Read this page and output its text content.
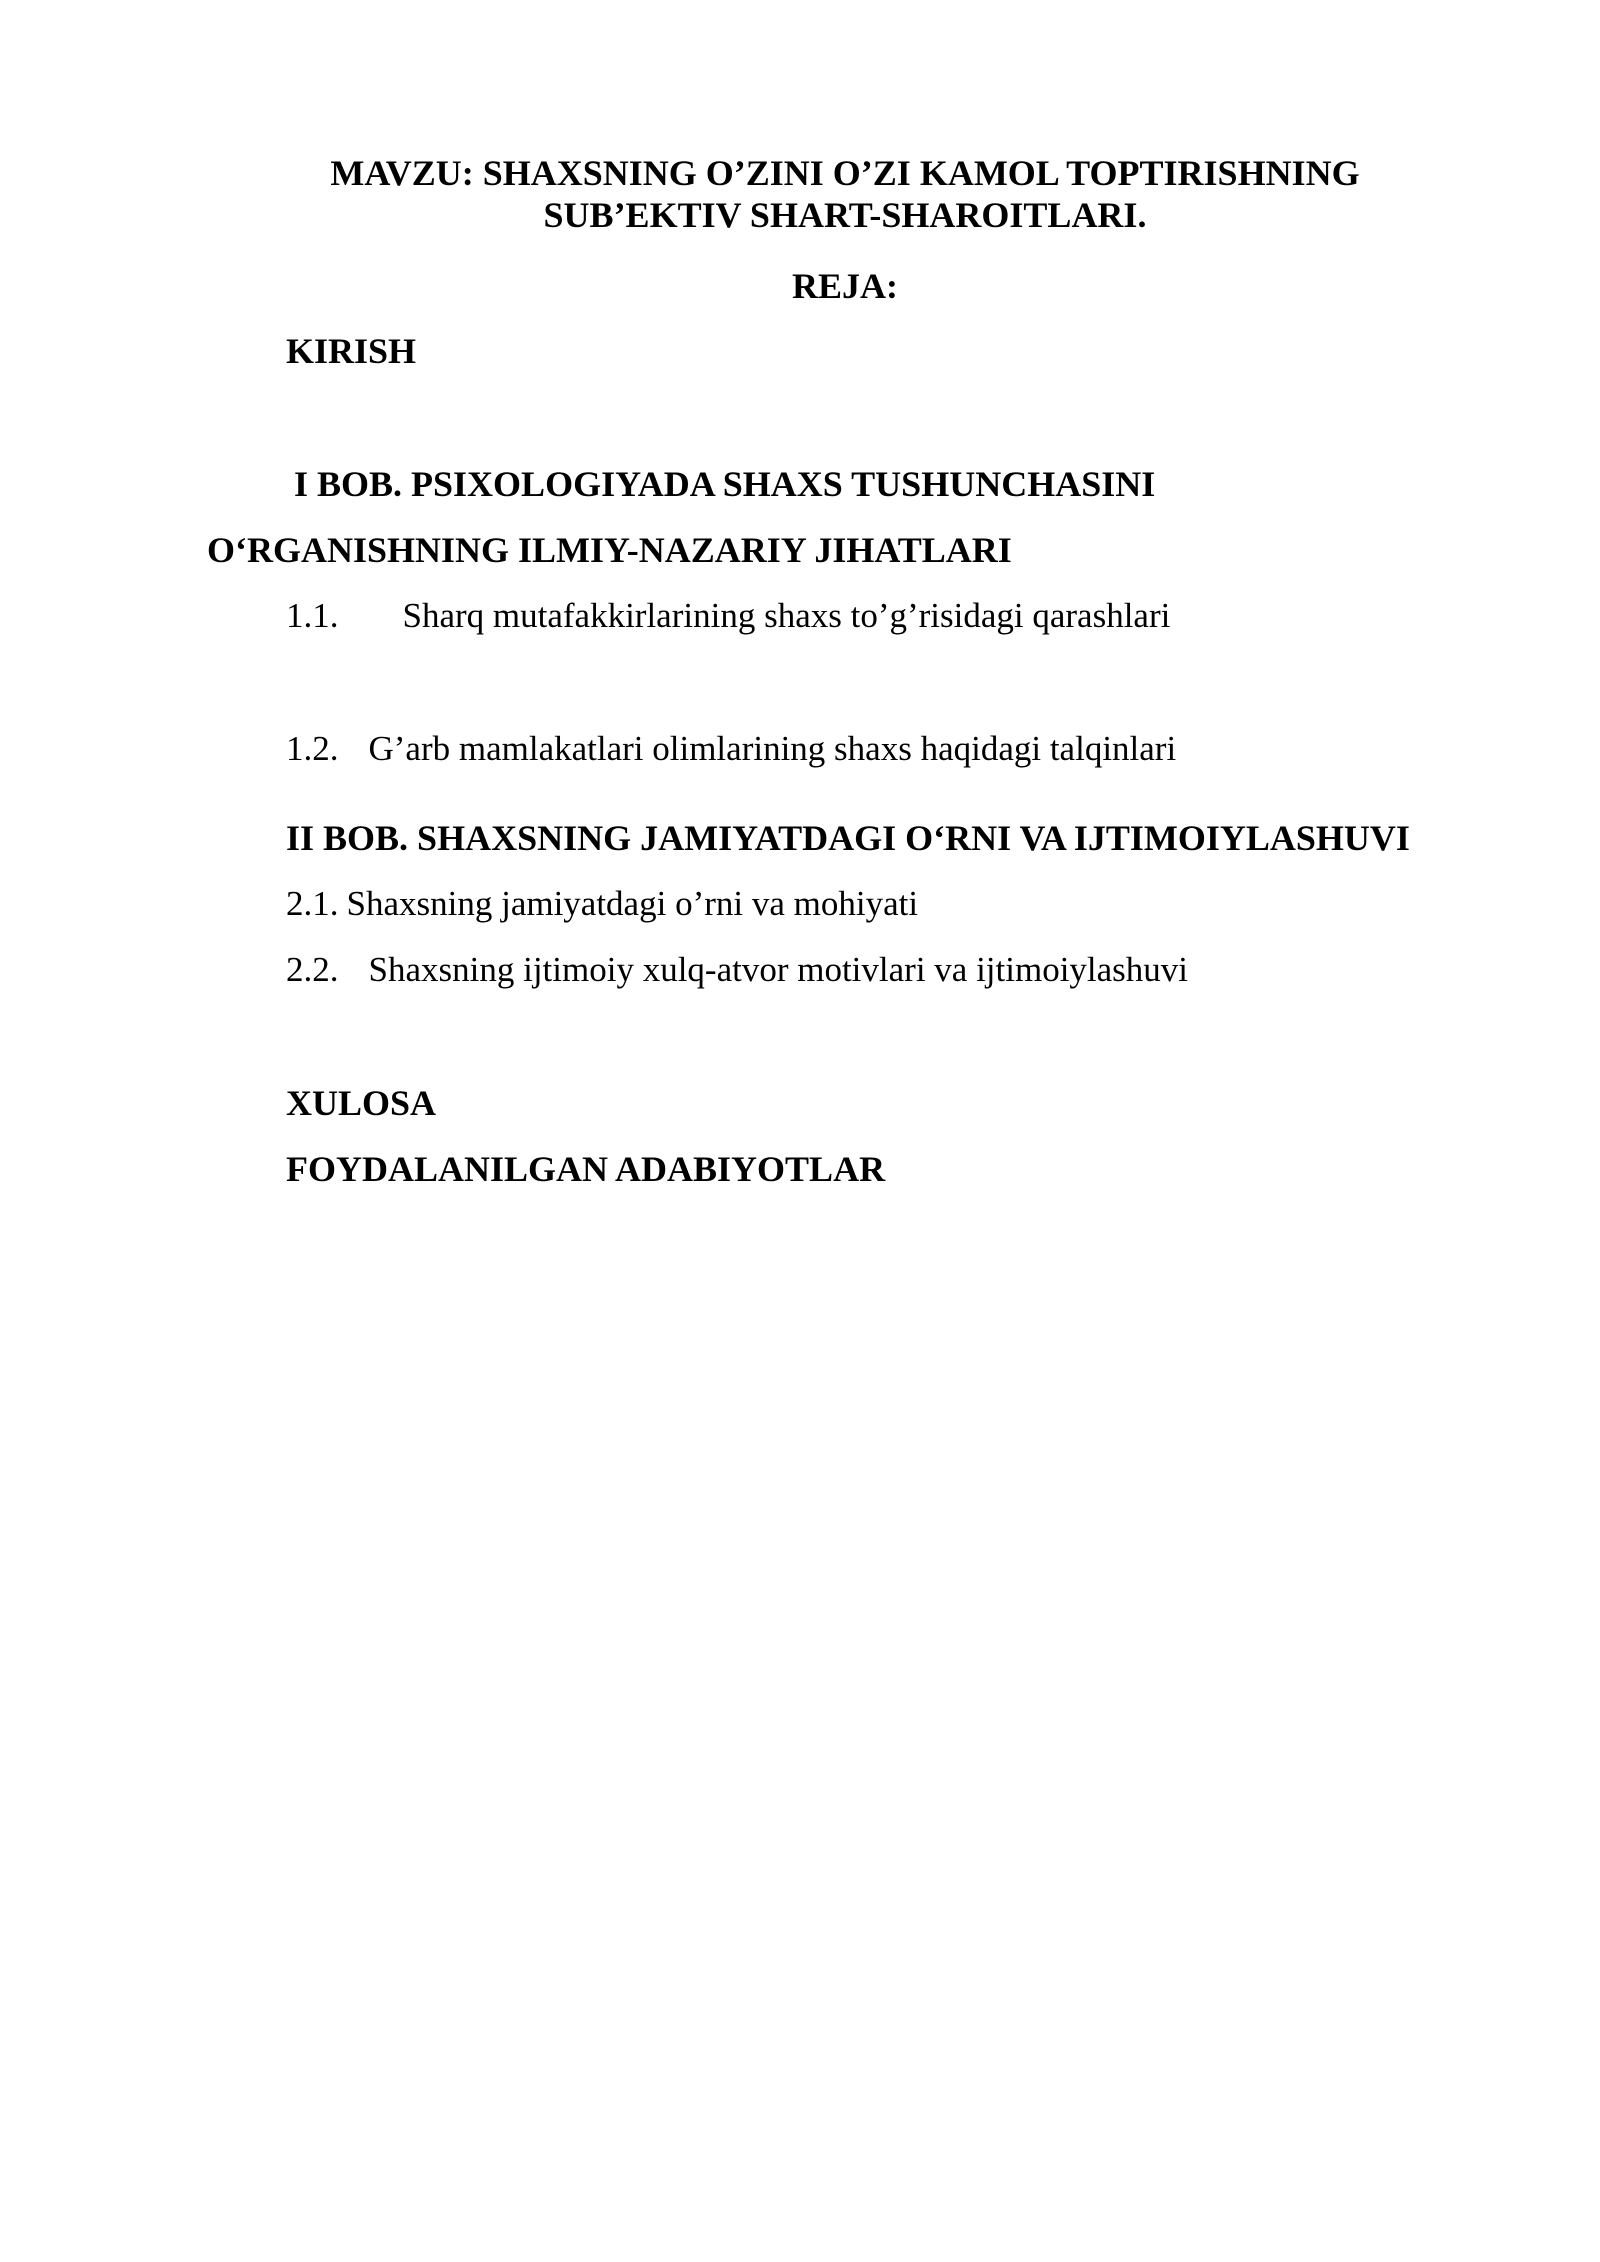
MAVZU: SHAXSNING O’ZINI O’ZI KAMOL TOPTIRISHNING
SUB’EKTIV SHART-SHAROITLARI.
REJA:
KIRISH
I BOB. PSIXOLOGIYADA SHAXS TUSHUNCHASINI
O‘RGANISHNING ILMIY-NAZARIY JIHATLARI
1.1. Sharq mutafakkirlarining shaxs to’g’risidagi qarashlari
1.2. G’arb mamlakatlari olimlarining shaxs haqidagi talqinlari
II BOB. SHAXSNING JAMIYATDAGI O‘RNI VA IJTIMOIYLASHUVI
2.1. Shaxsning jamiyatdagi o’rni va mohiyati
2.2. Shaxsning ijtimoiy xulq-atvor motivlari va ijtimoiylashuvi
XULOSA
FOYDALANILGAN ADABIYOTLAR
